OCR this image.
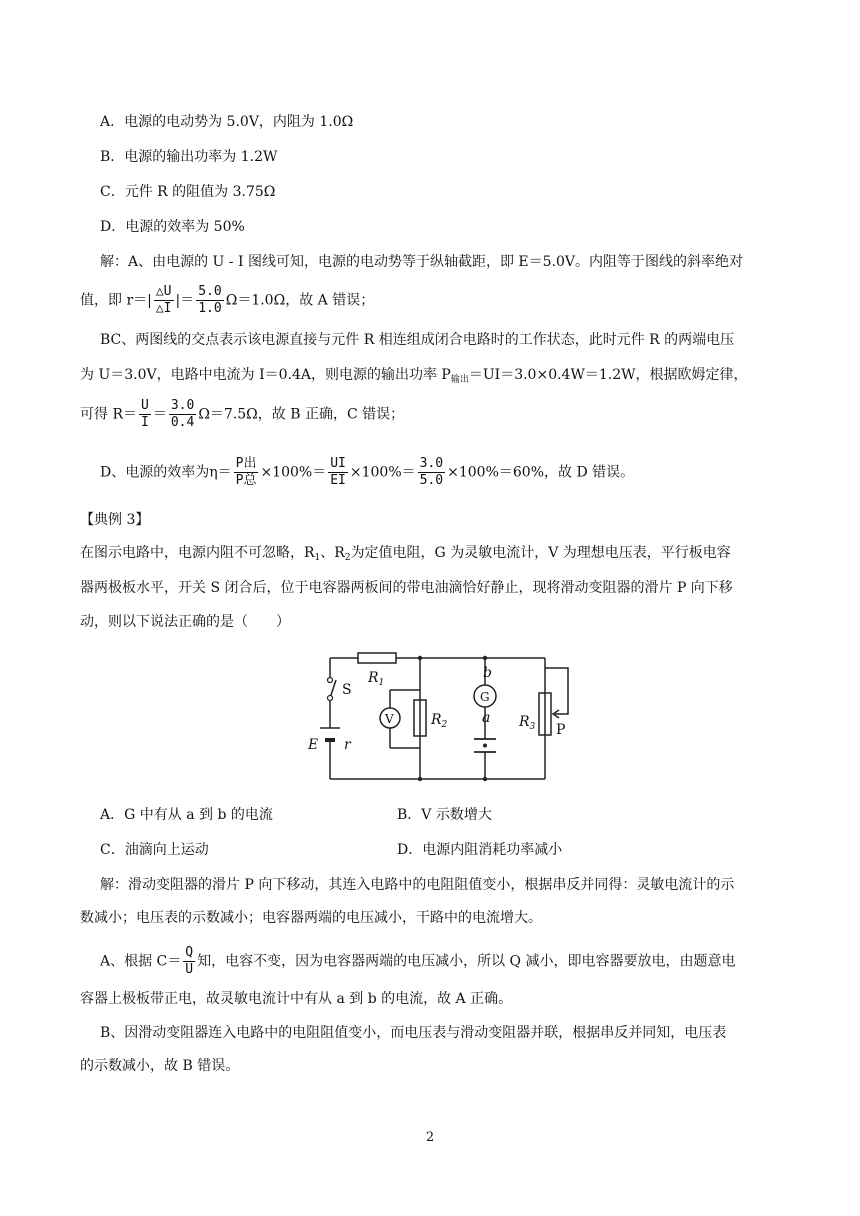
A．电源的电动势为 5.0V，内阻为 1.0Ω
B．电源的输出功率为 1.2W
C．元件 R 的阻值为 3.75Ω
D．电源的效率为 50%
解：A、由电源的 U - I 图线可知，电源的电动势等于纵轴截距，即 E＝5.0V。内阻等于图线的斜率绝对
值，即 $r=| \frac{\triangle U}{\triangle I}$ |＝ $\frac{5.0}{1.0} \Omega=1.0\Omega$，故 A 错误；
BC、两图线的交点表示该电源直接与元件 R 相连组成闭合电路时的工作状态，此时元件 R 的两端电压
为 U＝3.0V，电路中电流为 I＝0.4A，则电源的输出功率 $P_{输出}=UI=3.0\times 0.4W=1.2W$，根据欧姆定律，
可得 $R= \frac{U}{I} = \frac{3.0}{0.4} \Omega=7.5\Omega$，故 B 正确，C 错误；
D、电源的效率为$\eta= \frac{\text{P出}}{\text{P总}} \times 100\%= \frac{UI}{EI} \times 100\%= \frac{3.0}{5.0} \times 100\%=60\%$，故 D 错误。
【典例 3】
在图示电路中，电源内阻不可忽略，$R_1$、$R_2$为定值电阻，G 为灵敏电流计，V 为理想电压表，平行板电容
器两极板水平，开关 S 闭合后，位于电容器两板间的带电油滴恰好静止，现将滑动变阻器的滑片 P 向下移
动，则以下说法正确的是（　　）
$R_1$
S
E r
V	$R_2$
G
b
a $R_3$ P
A．G 中有从 a 到 b 的电流	B．V 示数增大
C．油滴向上运动	D．电源内阻消耗功率减小
解：滑动变阻器的滑片 P 向下移动，其连入电路中的电阻阻值变小，根据串反并同得：灵敏电流计的示
数减小；电压表的示数减小；电容器两端的电压减小，干路中的电流增大。
A、根据 $C= \frac{Q}{U}$ 知，电容不变，因为电容器两端的电压减小，所以 Q 减小，即电容器要放电，由题意电
容器上极板带正电，故灵敏电流计中有从 a 到 b 的电流，故 A 正确。
B、因滑动变阻器连入电路中的电阻阻值变小，而电压表与滑动变阻器并联，根据串反并同知，电压表
的示数减小，故 B 错误。
2
